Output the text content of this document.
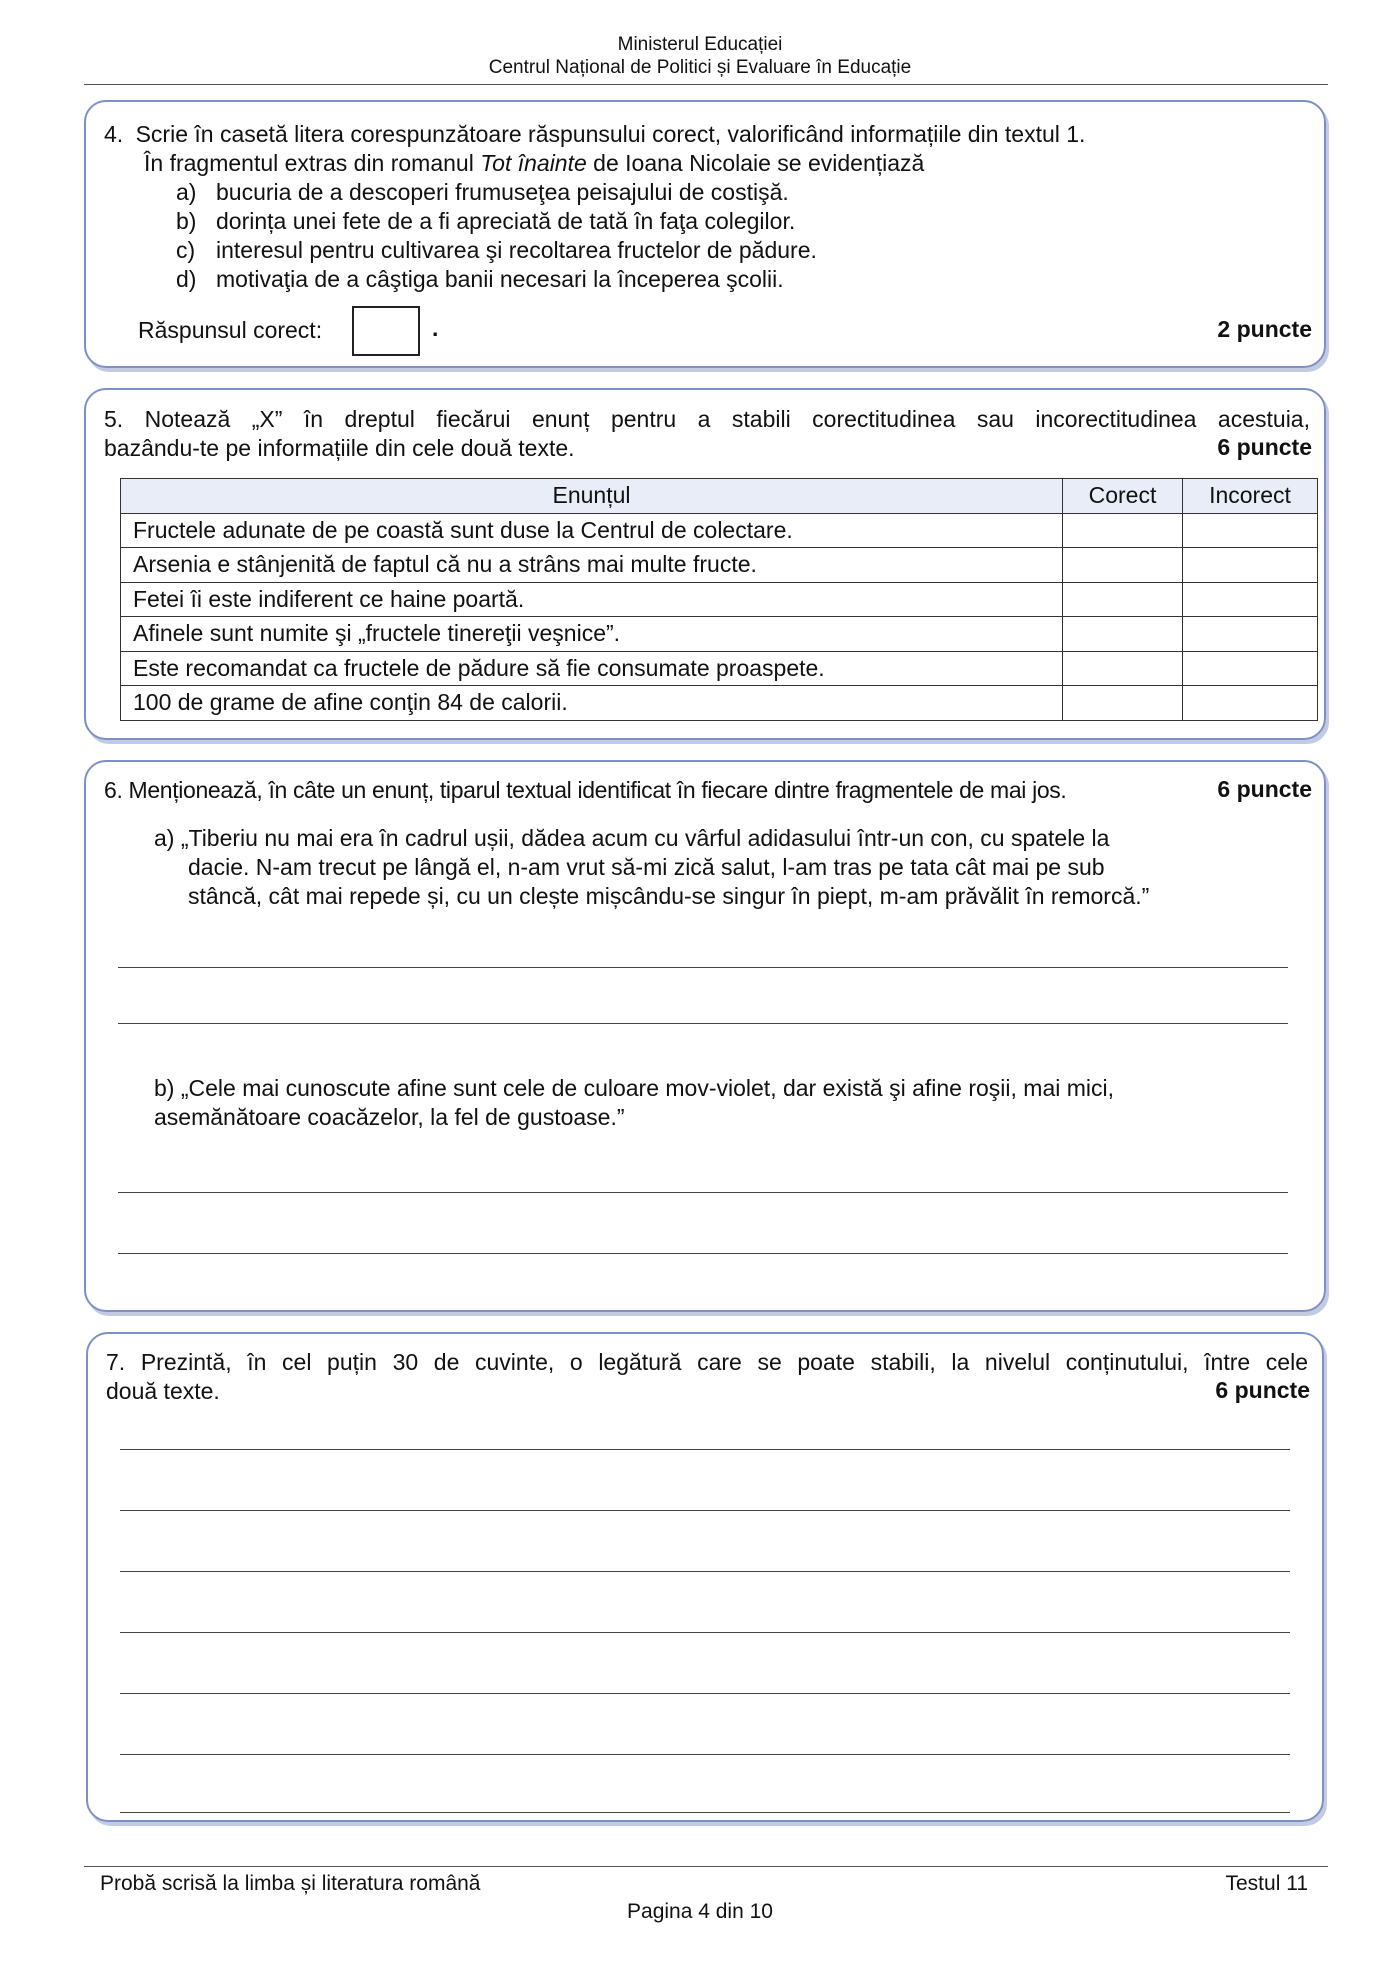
Ministerul Educației
Centrul Național de Politici și Evaluare în Educație
4. Scrie în casetă litera corespunzătoare răspunsului corect, valorificând informațiile din textul 1.
În fragmentul extras din romanul Tot înainte de Ioana Nicolaie se evidențiază
a) bucuria de a descoperi frumuseţea peisajului de costişă.
b) dorința unei fete de a fi apreciată de tată în faţa colegilor.
c) interesul pentru cultivarea şi recoltarea fructelor de pădure.
d) motivaţia de a câştiga banii necesari la începerea şcolii.
Răspunsul corect:	.	2 puncte
5. Notează „X” în dreptul fiecărui enunț pentru a stabili corectitudinea sau incorectitudinea acestuia,
bazându-te pe informațiile din cele două texte.	6 puncte
Enunțul	Corect	Incorect
Fructele adunate de pe coastă sunt duse la Centrul de colectare.		
Arsenia e stânjenită de faptul că nu a strâns mai multe fructe.		
Fetei îi este indiferent ce haine poartă.		
Afinele sunt numite şi „fructele tinereţii veşnice”.		
Este recomandat ca fructele de pădure să fie consumate proaspete.		
100 de grame de afine conţin 84 de calorii.		
6. Menționează, în câte un enunț, tiparul textual identificat în fiecare dintre fragmentele de mai jos.	6 puncte
a) „Tiberiu nu mai era în cadrul ușii, dădea acum cu vârful adidasului într-un con, cu spatele la
dacie. N-am trecut pe lângă el, n-am vrut să-mi zică salut, l-am tras pe tata cât mai pe sub
stâncă, cât mai repede și, cu un clește mișcându-se singur în piept, m-am prăvălit în remorcă.”
b) „Cele mai cunoscute afine sunt cele de culoare mov-violet, dar există şi afine roşii, mai mici,
asemănătoare coacăzelor, la fel de gustoase.”
7. Prezintă, în cel puțin 30 de cuvinte, o legătură care se poate stabili, la nivelul conținutului, între cele
două texte.	6 puncte
Probă scrisă la limba și literatura română	Testul 11
Pagina 4 din 10
